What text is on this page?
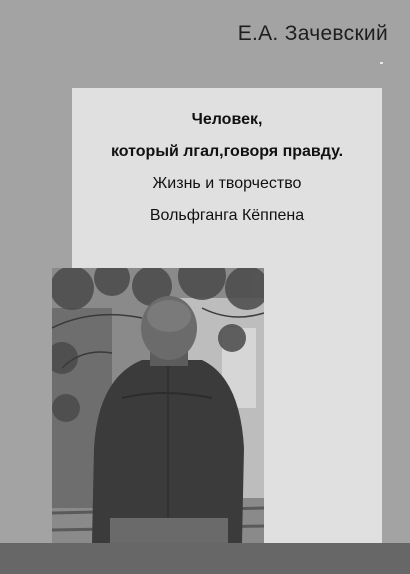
Е.А. Зачевский
Человек,
который лгал,говоря правду.
Жизнь и творчество
Вольфганга Кёппена
